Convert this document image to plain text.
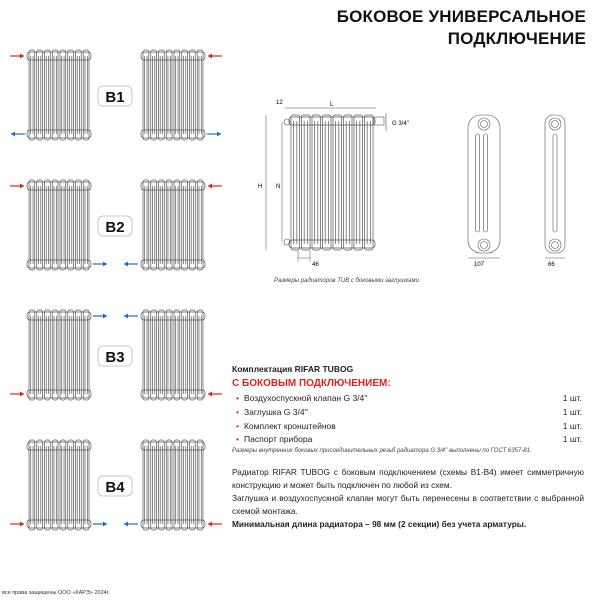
БОКОВОЕ УНИВЕРСАЛЬНОЕ
ПОДКЛЮЧЕНИЕ
B1
B2
B3
B4
12	L
H N
46
G 3/4''
107	66
Размеры радиаторов TUB с боковыми заглушками
Комплектация RIFAR TUBOG
С БОКОВЫМ ПОДКЛЮЧЕНИЕМ:
• Воздухоспускной клапан G 3/4''	1 шт.
• Заглушка G 3/4''	1 шт.
• Комплект кронштейнов	1 шт.
• Паспорт прибора	1 шт.
Размеры внутренних боковых присоединительных резьб радиатора G 3/4'' выполнены по ГОСТ 6357-81.
Радиатор RIFAR TUBOG с боковым подключением (схемы В1-В4) имеет симметричную конструкцию и может быть подключен по любой из схем.
Заглушка и воздухоспускной клапан могут быть перенесены в соответствии с выбранной схемой монтажа.
Минимальная длина радиатора – 98 мм (2 секции) без учета арматуры.
все права защищены ООО «КАРЭ» 2024г.
